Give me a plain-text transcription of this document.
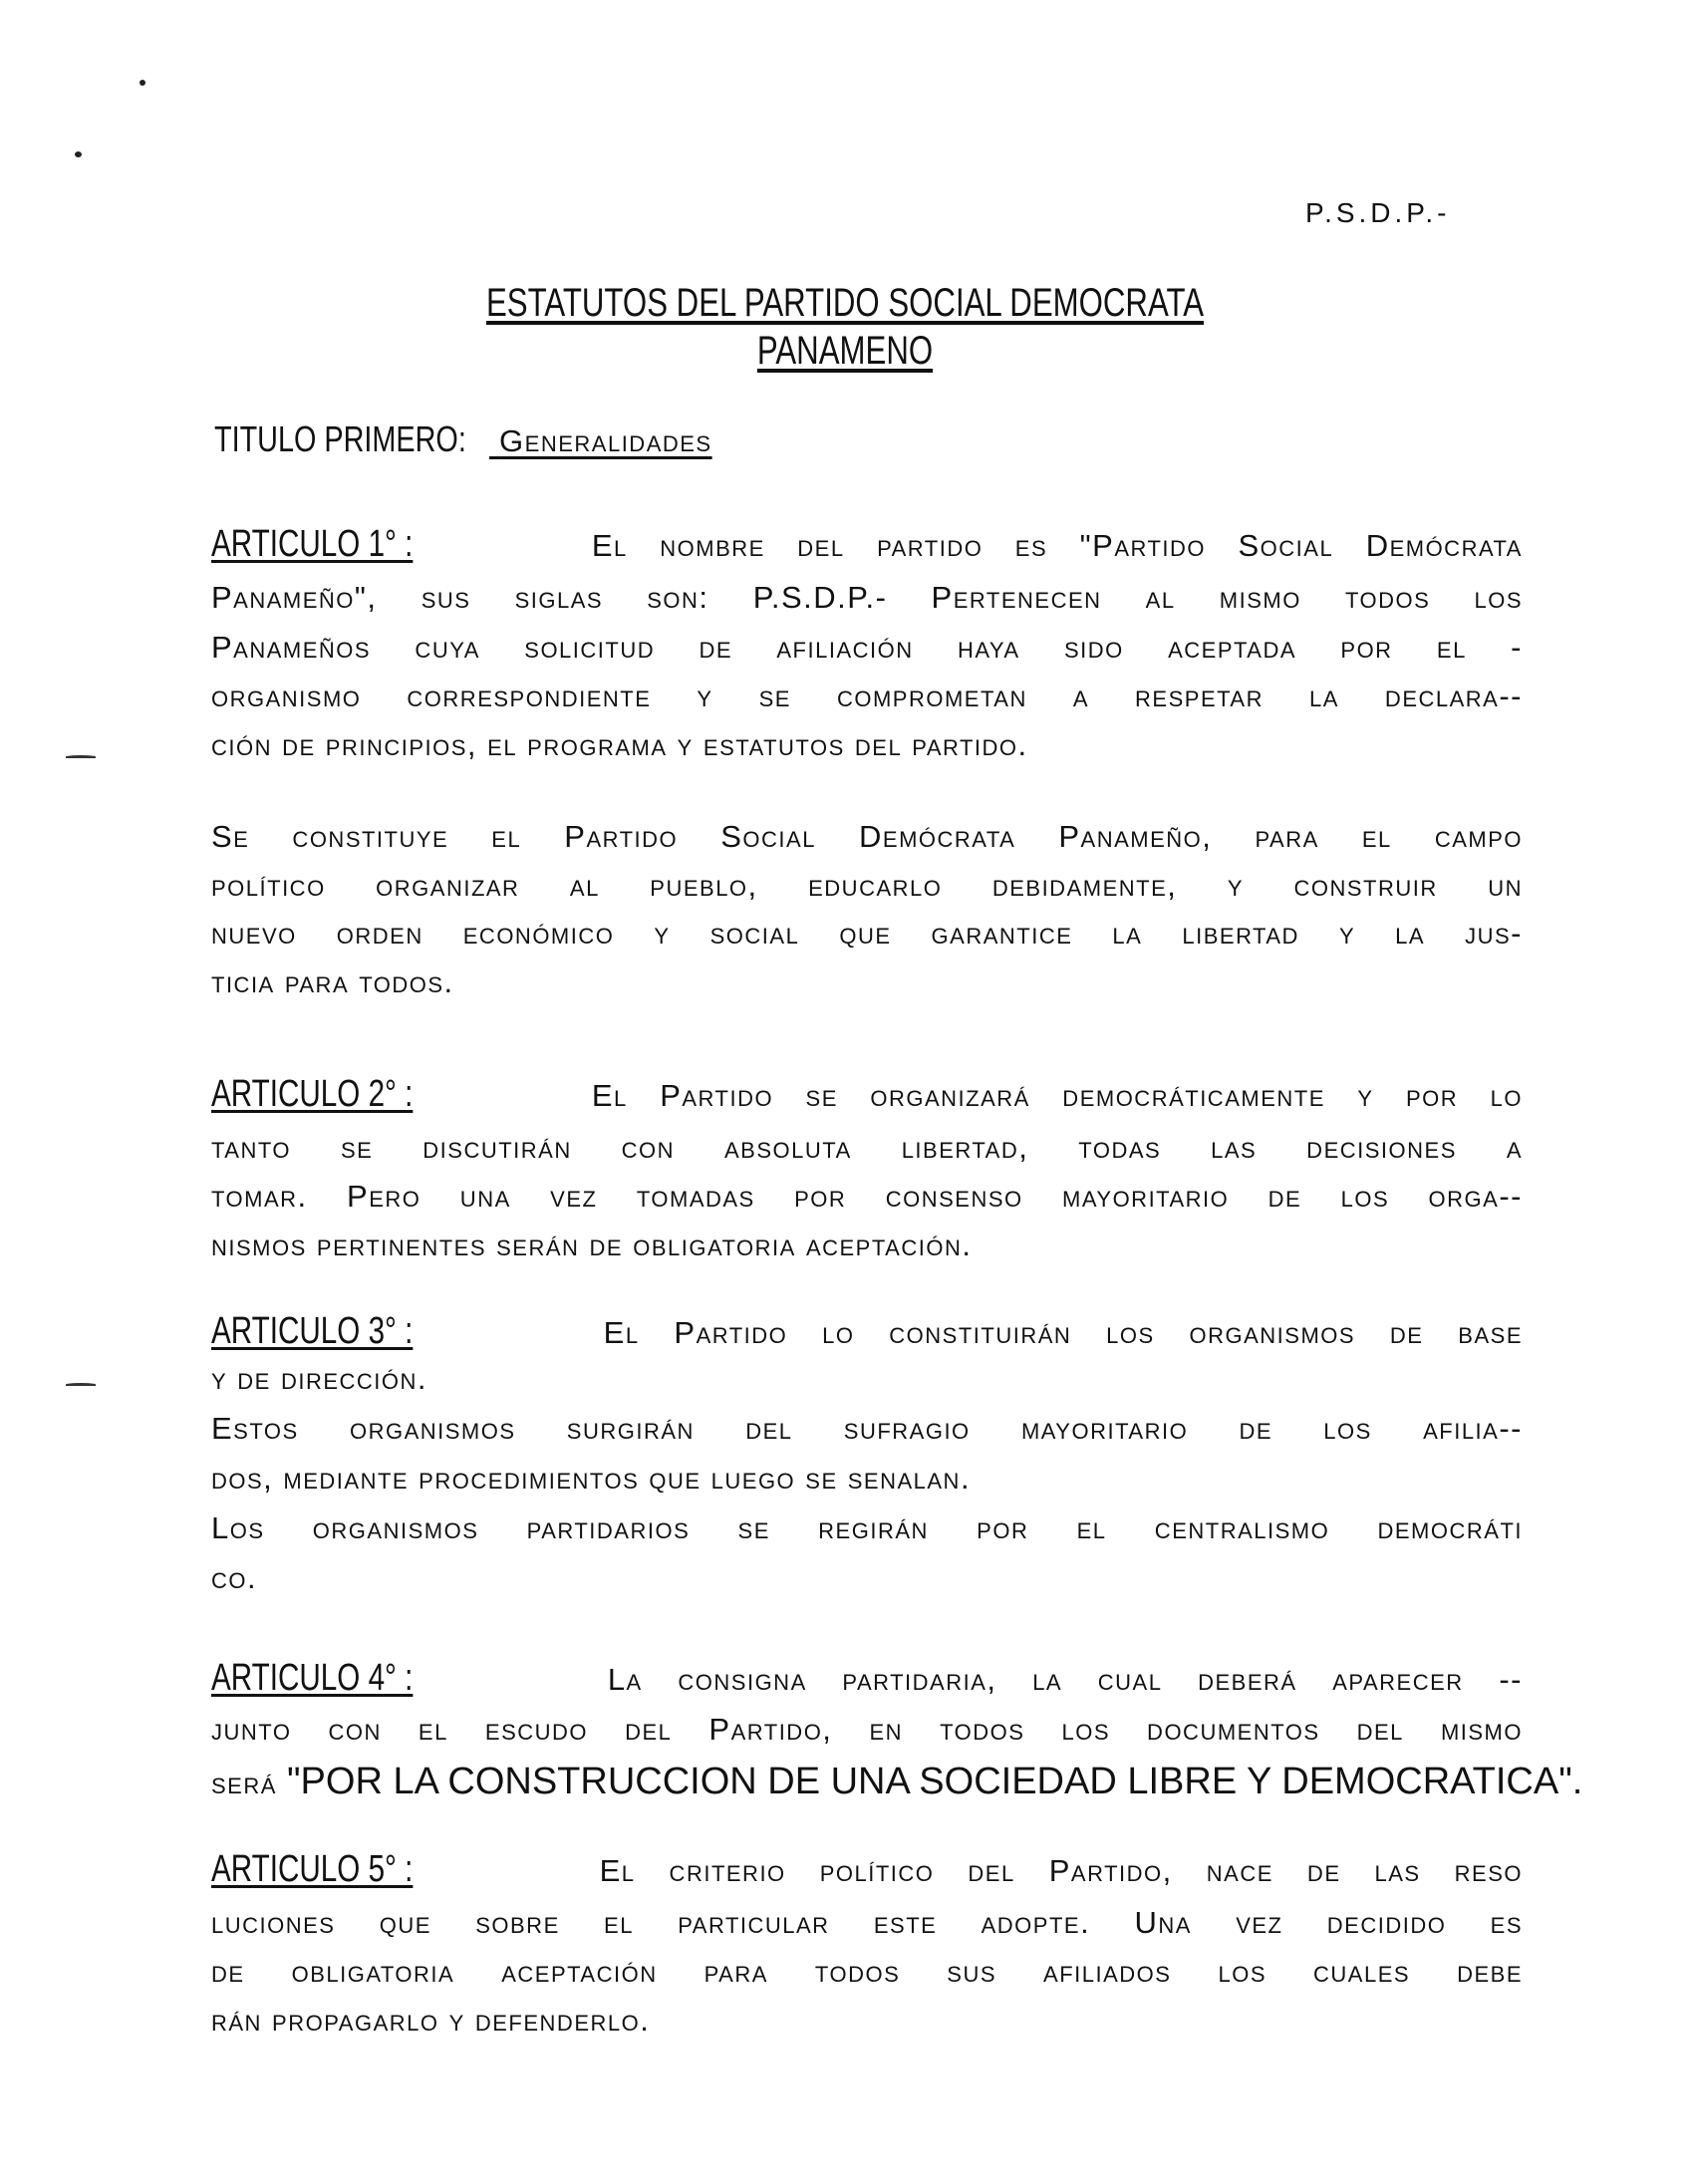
P.S.D.P.-
ESTATUTOS DEL PARTIDO SOCIAL DEMOCRATA
PANAMENO
TITULO PRIMERO: Generalidades
ARTICULO 1° :	El nombre del partido es "Partido Social Demócrata
Panameño", sus siglas son: P.S.D.P.- Pertenecen al mismo todos los
Panameños cuya solicitud de afiliación haya sido aceptada por el -
organismo correspondiente y se comprometan a respetar la declara--
ción de principios, el programa y estatutos del partido.
Se constituye el Partido Social Demócrata Panameño, para el campo
político organizar al pueblo, educarlo debidamente, y construir un
nuevo orden económico y social que garantice la libertad y la jus-
ticia para todos.
ARTICULO 2° :	El Partido se organizará democráticamente y por lo
tanto se discutirán con absoluta libertad, todas las decisiones a
tomar. Pero una vez tomadas por consenso mayoritario de los orga--
nismos pertinentes serán de obligatoria aceptación.
ARTICULO 3° :	El Partido lo constituirán los organismos de base
y de dirección.
Estos organismos surgirán del sufragio mayoritario de los afilia--
dos, mediante procedimientos que luego se senalan.
Los organismos partidarios se regirán por el centralismo democráti
co.
ARTICULO 4° :	La consigna partidaria, la cual deberá aparecer --
junto con el escudo del Partido, en todos los documentos del mismo
será "POR LA CONSTRUCCION DE UNA SOCIEDAD LIBRE Y DEMOCRATICA".
ARTICULO 5° :	El criterio político del Partido, nace de las reso
luciones que sobre el particular este adopte. Una vez decidido es
de obligatoria aceptación para todos sus afiliados los cuales debe
rán propagarlo y defenderlo.
